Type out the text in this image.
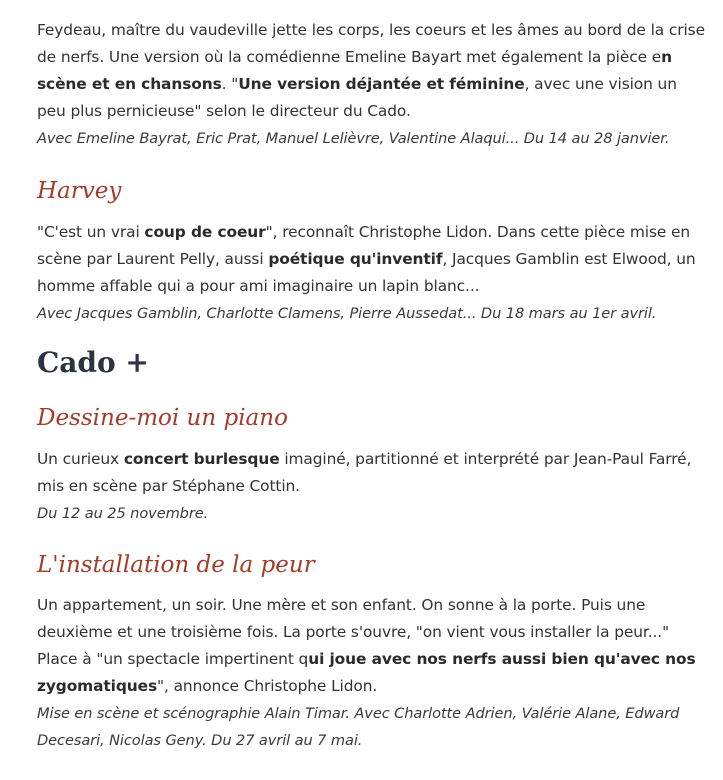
Feydeau, maître du vaudeville jette les corps, les coeurs et les âmes au bord de la crise de nerfs. Une version où la comédienne Emeline Bayart met également la pièce en scène et en chansons. "Une version déjantée et féminine, avec une vision un peu plus pernicieuse" selon le directeur du Cado.

Avec Emeline Bayrat, Eric Prat, Manuel Lelièvre, Valentine Alaqui... Du 14 au 28 janvier.

Harvey

"C'est un vrai coup de coeur", reconnaît Christophe Lidon. Dans cette pièce mise en scène par Laurent Pelly, aussi poétique qu'inventif, Jacques Gamblin est Elwood, un homme affable qui a pour ami imaginaire un lapin blanc...

Avec Jacques Gamblin, Charlotte Clamens, Pierre Aussedat... Du 18 mars au 1er avril.

Cado +
Dessine-moi un piano

Un curieux concert burlesque imaginé, partitionné et interprété par Jean-Paul Farré, mis en scène par Stéphane Cottin.

Du 12 au 25 novembre.

L'installation de la peur

Un appartement, un soir. Une mère et son enfant. On sonne à la porte. Puis une deuxième et une troisième fois. La porte s'ouvre, "on vient vous installer la peur..." Place à "un spectacle impertinent qui joue avec nos nerfs aussi bien qu'avec nos zygomatiques", annonce Christophe Lidon.

Mise en scène et scénographie Alain Timar. Avec Charlotte Adrien, Valérie Alane, Edward Decesari, Nicolas Geny. Du 27 avril au 7 mai.
